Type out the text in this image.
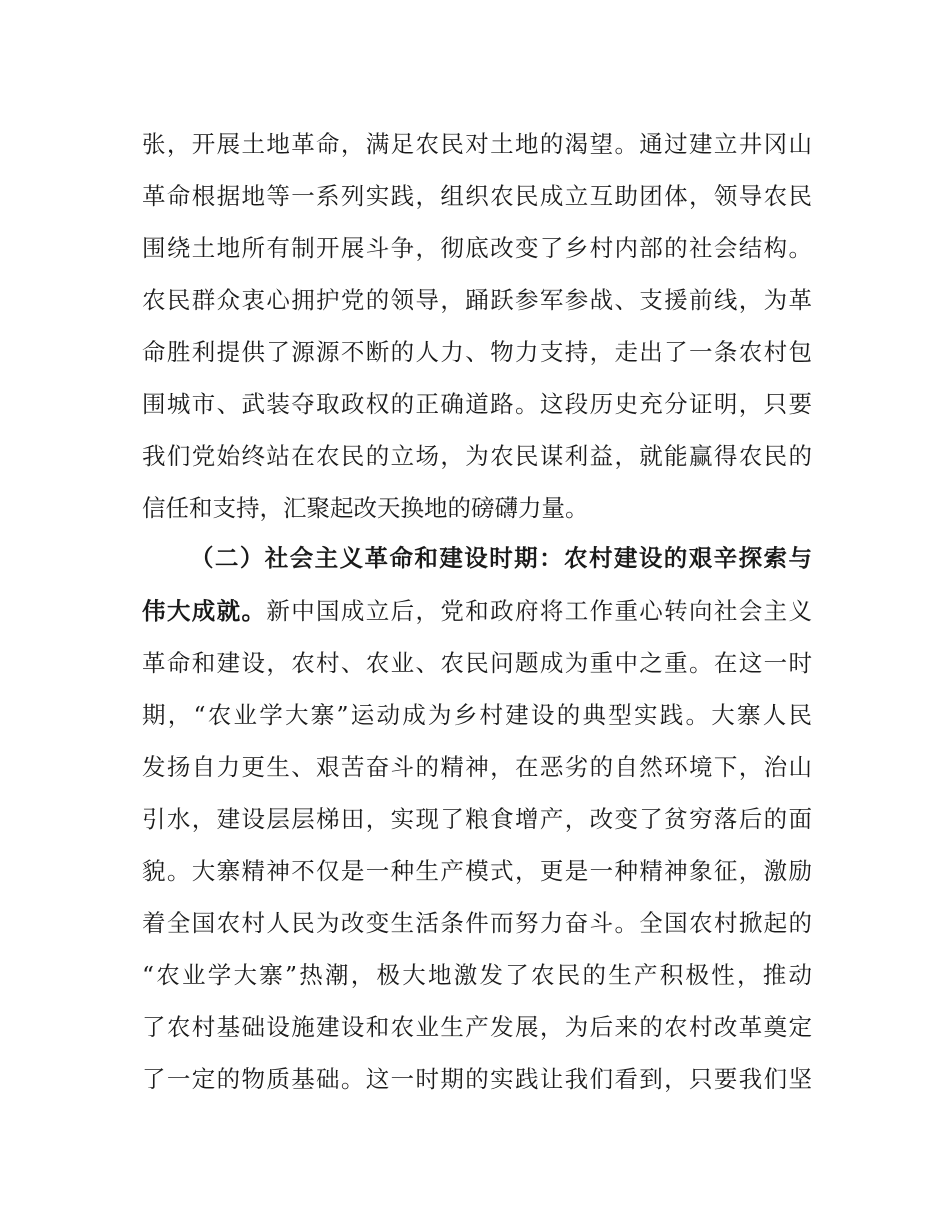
张，开展土地革命，满足农民对土地的渴望。通过建立井冈山
革命根据地等一系列实践，组织农民成立互助团体，领导农民
围绕土地所有制开展斗争，彻底改变了乡村内部的社会结构。
农民群众衷心拥护党的领导，踊跃参军参战、支援前线，为革
命胜利提供了源源不断的人力、物力支持，走出了一条农村包
围城市、武装夺取政权的正确道路。这段历史充分证明，只要
我们党始终站在农民的立场，为农民谋利益，就能赢得农民的
信任和支持，汇聚起改天换地的磅礴力量。
（二）社会主义革命和建设时期：农村建设的艰辛探索与
伟大成就。新中国成立后，党和政府将工作重心转向社会主义
革命和建设，农村、农业、农民问题成为重中之重。在这一时
期，“农业学大寨”运动成为乡村建设的典型实践。大寨人民
发扬自力更生、艰苦奋斗的精神，在恶劣的自然环境下，治山
引水，建设层层梯田，实现了粮食增产，改变了贫穷落后的面
貌。大寨精神不仅是一种生产模式，更是一种精神象征，激励
着全国农村人民为改变生活条件而努力奋斗。全国农村掀起的
“农业学大寨”热潮，极大地激发了农民的生产积极性，推动
了农村基础设施建设和农业生产发展，为后来的农村改革奠定
了一定的物质基础。这一时期的实践让我们看到，只要我们坚
